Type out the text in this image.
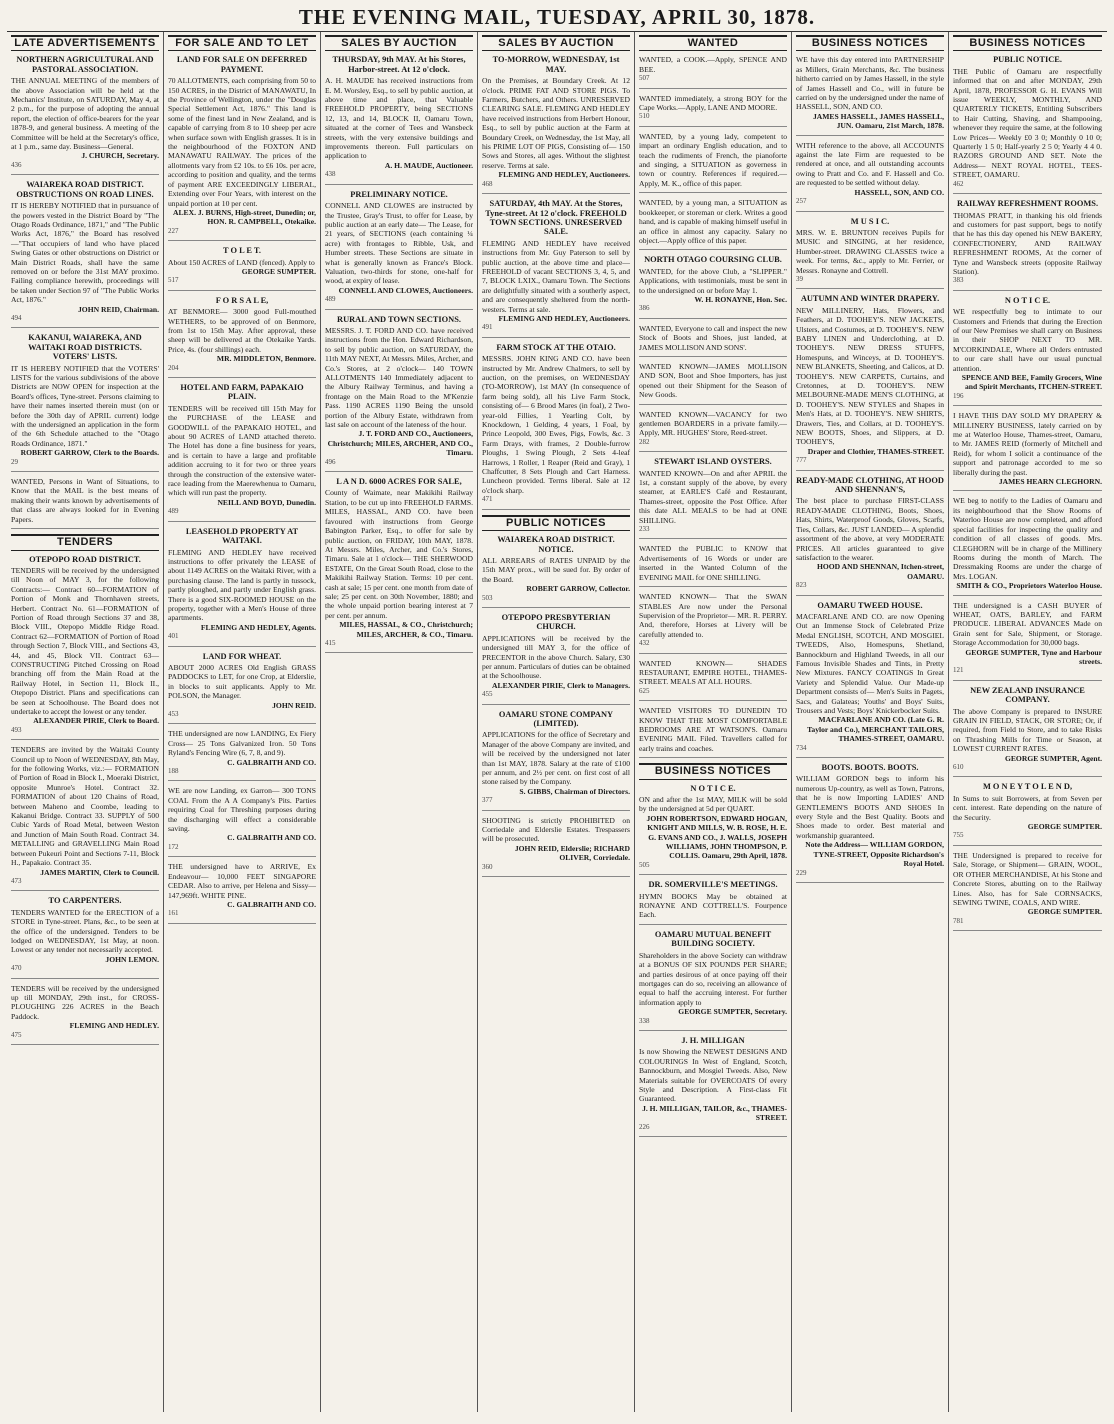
THE EVENING MAIL, TUESDAY, APRIL 30, 1878.
LATE ADVERTISEMENTS
NORTHERN AGRICULTURAL AND PASTORAL ASSOCIATION.
THE ANNUAL MEETING of the members of the above Association will be held at the Mechanics' Institute, on SATURDAY, May 4, at 2 p.m., for the purpose of adopting the annual report, the election of office-bearers for the year 1878-9, and general business. A meeting of the Committee will be held at the Secretary's office, at 1 p.m., same day. Business—General.
J. CHURCH, Secretary.
436
WAIAREKA ROAD DISTRICT. OBSTRUCTIONS ON ROAD LINES.
IT IS HEREBY NOTIFIED that in pursuance of the powers vested in the District Board by "The Otago Roads Ordinance, 1871," and "The Public Works Act, 1876," the Board has resolved—"That occupiers of land who have placed Swing Gates or other obstructions on District or Main District Roads, shall have the same removed on or before the 31st MAY proximo. Failing compliance herewith, proceedings will be taken under Section 97 of "The Public Works Act, 1876."
JOHN REID, Chairman.
494
KAKANUI, WAIAREKA, AND WAITAKI ROAD DISTRICTS. VOTERS' LISTS.
IT IS HEREBY NOTIFIED that the VOTERS' LISTS for the various subdivisions of the above Districts are NOW OPEN for inspection at the Board's offices, Tyne-street. Persons claiming to have their names inserted therein must (on or before the 30th day of APRIL current) lodge with the undersigned an application in the form of the 6th Schedule attached to the "Otago Roads Ordinance, 1871."
ROBERT GARROW, Clerk to the Boards.
29
WANTED, Persons in Want of Situations, to Know that the MAIL is the best means of making their wants known by advertisements of that class are always looked for in Evening Papers.
TENDERS
OTEPOPO ROAD DISTRICT.
TENDERS will be received by the undersigned till Noon of MAY 3, for the following Contracts:— Contract 60—FORMATION of Portion of Monk and Thornhaven streets, Herbert. Contract No. 61—FORMATION of Portion of Road through Sections 37 and 38, Block VIII., Otepopo Middle Ridge Road. Contract 62—FORMATION of Portion of Road through Section 7, Block VIII., and Sections 43, 44, and 45, Block VII. Contract 63—CONSTRUCTING Pitched Crossing on Road branching off from the Main Road at the Railway Hotel, in Section 11, Block II., Otepopo District. Plans and specifications can be seen at Schoolhouse. The Board does not undertake to accept the lowest or any tender.
ALEXANDER PIRIE, Clerk to Board.
493
TENDERS are invited by the Waitaki County Council up to Noon of WEDNESDAY, 8th May, for the following Works, viz.:— FORMATION of Portion of Road in Block I., Moeraki District, opposite Munroe's Hotel. Contract 32. FORMATION of about 120 Chains of Road, between Maheno and Coombe, leading to Kakanui Bridge. Contract 33. SUPPLY of 500 Cubic Yards of Road Metal, between Weston and Junction of Main South Road. Contract 34. METALLING and GRAVELLING Main Road between Pukeuri Point and Sections 7-11, Block H., Papakaio. Contract 35.
JAMES MARTIN, Clerk to Council.
473
TO CARPENTERS.
TENDERS WANTED for the ERECTION of a STORE in Tyne-street. Plans, &c., to be seen at the office of the undersigned. Tenders to be lodged on WEDNESDAY, 1st May, at noon. Lowest or any tender not necessarily accepted.
JOHN LEMON.
470
TENDERS will be received by the undersigned up till MONDAY, 29th inst., for CROSS-PLOUGHING 226 ACRES in the Beach Paddock.
FLEMING AND HEDLEY.
475
FOR SALE AND TO LET
LAND FOR SALE ON DEFERRED PAYMENT.
70 ALLOTMENTS, each comprising from 50 to 150 ACRES, in the District of MANAWATU, In the Province of Wellington, under the "Douglas Special Settlement Act, 1876." This land is some of the finest land in New Zealand, and is capable of carrying from 8 to 10 sheep per acre when surface sown with English grasses. It is in the neighbourhood of the FOXTON AND MANAWATU RAILWAY. The prices of the allotments vary from £2 10s. to £6 10s. per acre, according to position and quality, and the terms of payment ARE EXCEEDINGLY LIBERAL, Extending over Four Years, with interest on the unpaid portion at 10 per cent.
ALEX. J. BURNS, High-street, Dunedin; or, HON. R. CAMPBELL, Otekaike.
227
T O L E T.
About 150 ACRES of LAND (fenced). Apply to
GEORGE SUMPTER.
517
F O R S A L E,
AT BENMORE— 3000 good Full-mouthed WETHERS, to be approved of on Benmore, from 1st to 15th May. After approval, these sheep will be delivered at the Otekaike Yards. Price, 4s. (four shillings) each.
MR. MIDDLETON, Benmore.
204
HOTEL AND FARM, PAPAKAIO PLAIN.
TENDERS will be received till 15th May for the PURCHASE of the LEASE and GOODWILL of the PAPAKAIO HOTEL, and about 90 ACRES of LAND attached thereto. The Hotel has done a fine business for years, and is certain to have a large and profitable addition accruing to it for two or three years through the construction of the extensive water-race leading from the Maerewhenua to Oamaru, which will run past the property.
NEILL AND BOYD, Dunedin.
489
LEASEHOLD PROPERTY AT WAITAKI.
FLEMING AND HEDLEY have received instructions to offer privately the LEASE of about 1149 ACRES on the Waitaki River, with a purchasing clause. The land is partly in tussock, partly ploughed, and partly under English grass. There is a good SIX-ROOMED HOUSE on the property, together with a Men's House of three apartments.
FLEMING AND HEDLEY, Agents.
401
LAND FOR WHEAT.
ABOUT 2000 ACRES Old English GRASS PADDOCKS to LET, for one Crop, at Elderslie, in blocks to suit applicants. Apply to Mr. POLSON, the Manager.
JOHN REID.
453
THE undersigned are now LANDING, Ex Fiery Cross— 25 Tons Galvanized Iron. 50 Tons Ryland's Fencing Wire (6, 7, 8, and 9).
C. GALBRAITH AND CO.
188
WE are now Landing, ex Garron— 300 TONS COAL From the A A Company's Pits. Parties requiring Coal for Threshing purposes during the discharging will effect a considerable saving.
C. GALBRAITH AND CO.
172
THE undersigned have to ARRIVE, Ex Endeavour— 10,000 FEET SINGAPORE CEDAR. Also to arrive, per Helena and Sissy— 147,969ft. WHITE PINE.
C. GALBRAITH AND CO.
161
SALES BY AUCTION
THURSDAY, 9th MAY. At his Stores, Harbor-street. At 12 o'clock.
A. H. MAUDE has received instructions from E. M. Worsley, Esq., to sell by public auction, at above time and place, that Valuable FREEHOLD PROPERTY, being SECTIONS 12, 13, and 14, BLOCK II, Oamaru Town, situated at the corner of Tees and Wansbeck streets, with the very extensive buildings and improvements thereon. Full particulars on application to
A. H. MAUDE, Auctioneer.
438
PRELIMINARY NOTICE.
CONNELL AND CLOWES are instructed by the Trustee, Gray's Trust, to offer for Lease, by public auction at an early date— The Lease, for 21 years, of SECTIONS (each containing ¼ acre) with frontages to Ribble, Usk, and Humber streets. These Sections are situate in what is generally known as France's Block. Valuation, two-thirds for stone, one-half for wood, at expiry of lease.
CONNELL AND CLOWES, Auctioneers.
489
RURAL AND TOWN SECTIONS.
MESSRS. J. T. FORD AND CO. have received instructions from the Hon. Edward Richardson, to sell by public auction, on SATURDAY, the 11th MAY NEXT, At Messrs. Miles, Archer, and Co.'s Stores, at 2 o'clock— 140 TOWN ALLOTMENTS 140 Immediately adjacent to the Albury Railway Terminus, and having a frontage on the Main Road to the M'Kenzie Pass. 1190 ACRES 1190 Being the unsold portion of the Albury Estate, withdrawn from last sale on account of the lateness of the hour.
J. T. FORD AND CO., Auctioneers, Christchurch; MILES, ARCHER, AND CO., Timaru.
496
L A N D. 6000 ACRES FOR SALE,
County of Waimate, near Makikihi Railway Station, to be cut up into FREEHOLD FARMS. MILES, HASSAL, AND CO. have been favoured with instructions from George Babington Parker, Esq., to offer for sale by public auction, on FRIDAY, 10th MAY, 1878. At Messrs. Miles, Archer, and Co.'s Stores, Timaru. Sale at 1 o'clock— THE SHERWOOD ESTATE, On the Great South Road, close to the Makikihi Railway Station. Terms: 10 per cent. cash at sale; 15 per cent. one month from date of sale; 25 per cent. on 30th November, 1880; and the whole unpaid portion bearing interest at 7 per cent. per annum.
MILES, HASSAL, & CO., Christchurch; MILES, ARCHER, & CO., Timaru.
415
SALES BY AUCTION
TO-MORROW, WEDNESDAY, 1st MAY.
On the Premises, at Boundary Creek. At 12 o'clock. PRIME FAT AND STORE PIGS. To Farmers, Butchers, and Others. UNRESERVED CLEARING SALE. FLEMING AND HEDLEY have received instructions from Herbert Honour, Esq., to sell by public auction at the Farm at Boundary Creek, on Wednesday, the 1st May, all his PRIME LOT OF PIGS, Consisting of— 150 Sows and Stores, all ages. Without the slightest reserve. Terms at sale.
FLEMING AND HEDLEY, Auctioneers.
468
SATURDAY, 4th MAY. At the Stores, Tyne-street. At 12 o'clock. FREEHOLD TOWN SECTIONS. UNRESERVED SALE.
FLEMING AND HEDLEY have received instructions from Mr. Guy Paterson to sell by public auction, at the above time and place— FREEHOLD of vacant SECTIONS 3, 4, 5, and 7, BLOCK LXIX., Oamaru Town. The Sections are delightfully situated with a southerly aspect, and are consequently sheltered from the north-westers. Terms at sale.
FLEMING AND HEDLEY, Auctioneers.
491
FARM STOCK AT THE OTAIO.
MESSRS. JOHN KING AND CO. have been instructed by Mr. Andrew Chalmers, to sell by auction, on the premises, on WEDNESDAY (TO-MORROW), 1st MAY (In consequence of farm being sold), all his Live Farm Stock, consisting of— 6 Brood Mares (in foal), 2 Two-year-old Fillies, 1 Yearling Colt, by Knockdown, 1 Gelding, 4 years, 1 Foal, by Prince Leopold, 300 Ewes, Pigs, Fowls, &c. 3 Farm Drays, with frames, 2 Double-furrow Ploughs, 1 Swing Plough, 2 Sets 4-leaf Harrows, 1 Roller, 1 Reaper (Reid and Gray), 1 Chaffcutter, 8 Sets Plough and Cart Harness. Luncheon provided. Terms liberal. Sale at 12 o'clock sharp.
471
PUBLIC NOTICES
WAIAREKA ROAD DISTRICT. NOTICE.
ALL ARREARS of RATES UNPAID by the 15th MAY prox., will be sued for. By order of the Board.
ROBERT GARROW, Collector.
503
OTEPOPO PRESBYTERIAN CHURCH.
APPLICATIONS will be received by the undersigned till MAY 3, for the office of PRECENTOR in the above Church. Salary, £30 per annum. Particulars of duties can be obtained at the Schoolhouse.
ALEXANDER PIRIE, Clerk to Managers.
455
OAMARU STONE COMPANY (LIMITED).
APPLICATIONS for the office of Secretary and Manager of the above Company are invited, and will be received by the undersigned not later than 1st MAY, 1878. Salary at the rate of £100 per annum, and 2½ per cent. on first cost of all stone raised by the Company.
S. GIBBS, Chairman of Directors.
377
SHOOTING is strictly PROHIBITED on Corriedale and Elderslie Estates. Trespassers will be prosecuted.
JOHN REID, Elderslie; RICHARD OLIVER, Corriedale.
360
WANTED
WANTED, a COOK.—Apply, SPENCE AND BEE.
507
WANTED immediately, a strong BOY for the Cape Works.—Apply, LANE AND MOORE.
510
WANTED, by a young lady, competent to impart an ordinary English education, and to teach the rudiments of French, the pianoforte and singing, a SITUATION as governess in town or country. References if required.—Apply, M. K., office of this paper.
WANTED, by a young man, a SITUATION as bookkeeper, or storeman or clerk. Writes a good hand, and is capable of making himself useful in an office in almost any capacity. Salary no object.—Apply office of this paper.
NORTH OTAGO COURSING CLUB.
WANTED, for the above Club, a "SLIPPER." Applications, with testimonials, must be sent in to the undersigned on or before May 1.
W. H. RONAYNE, Hon. Sec.
386
WANTED, Everyone to call and inspect the new Stock of Boots and Shoes, just landed, at JAMES MOLLISON AND SONS'.
WANTED KNOWN—JAMES MOLLISON AND SON, Boot and Shoe Importers, has just opened out their Shipment for the Season of New Goods.
WANTED KNOWN—VACANCY for two gentlemen BOARDERS in a private family.—Apply, MR. HUGHES' Store, Reed-street.
282
STEWART ISLAND OYSTERS.
WANTED KNOWN—On and after APRIL the 1st, a constant supply of the above, by every steamer, at EARLE'S Café and Restaurant, Thames-street, opposite the Post Office. After this date ALL MEALS to be had at ONE SHILLING.
233
WANTED the PUBLIC to KNOW that Advertisements of 16 Words or under are inserted in the Wanted Column of the EVENING MAIL for ONE SHILLING.
WANTED KNOWN— That the SWAN STABLES Are now under the Personal Supervision of the Proprietor— MR. R. PERRY. And, therefore, Horses at Livery will be carefully attended to.
432
WANTED KNOWN— SHADES RESTAURANT, EMPIRE HOTEL, THAMES-STREET. MEALS AT ALL HOURS.
625
WANTED VISITORS TO DUNEDIN TO KNOW THAT THE MOST COMFORTABLE BEDROOMS ARE AT WATSON'S. Oamaru EVENING MAIL Filed. Travellers called for early trains and coaches.
BUSINESS NOTICES
N O T I C E.
ON and after the 1st MAY, MILK will be sold by the undersigned at 5d per QUART.
JOHN ROBERTSON, EDWARD HOGAN, KNIGHT AND MILLS, W. B. ROSE, H. E. G. EVANS AND CO., J. WALLS, JOSEPH WILLIAMS, JOHN THOMPSON, P. COLLIS. Oamaru, 29th April, 1878.
505
DR. SOMERVILLE'S MEETINGS.
HYMN BOOKS May be obtained at RONAYNE AND COTTRELL'S. Fourpence Each.
OAMARU MUTUAL BENEFIT BUILDING SOCIETY.
Shareholders in the above Society can withdraw at a BONUS OF SIX POUNDS PER SHARE; and parties desirous of at once paying off their mortgages can do so, receiving an allowance of equal to half the accruing interest. For further information apply to
GEORGE SUMPTER, Secretary.
338
J. H. MILLIGAN
Is now Showing the NEWEST DESIGNS AND COLOURINGS In West of England, Scotch, Bannockburn, and Mosgiel Tweeds. Also, New Materials suitable for OVERCOATS Of every Style and Description. A First-class Fit Guaranteed.
J. H. MILLIGAN, TAILOR, &c., THAMES-STREET.
226
BUSINESS NOTICES
WE have this day entered into PARTNERSHIP as Millers, Grain Merchants, &c. The business hitherto carried on by James Hassell, in the style of James Hassell and Co., will in future be carried on by the undersigned under the name of HASSELL, SON, AND CO.
JAMES HASSELL, JAMES HASSELL, JUN. Oamaru, 21st March, 1878.
WITH reference to the above, all ACCOUNTS against the late Firm are requested to be rendered at once, and all outstanding accounts owing to Pratt and Co. and F. Hassell and Co. are requested to be settled without delay.
HASSELL, SON, AND CO.
257
M U S I C.
MRS. W. E. BRUNTON receives Pupils for MUSIC and SINGING, at her residence, Humber-street. DRAWING CLASSES twice a week. For terms, &c., apply to Mr. Ferrier, or Messrs. Ronayne and Cottrell.
39
AUTUMN AND WINTER DRAPERY.
NEW MILLINERY, Hats, Flowers, and Feathers, at D. TOOHEY'S. NEW JACKETS, Ulsters, and Costumes, at D. TOOHEY'S. NEW BABY LINEN and Underclothing, at D. TOOHEY'S. NEW DRESS STUFFS, Homespuns, and Winceys, at D. TOOHEY'S. NEW BLANKETS, Sheeting, and Calicos, at D. TOOHEY'S. NEW CARPETS, Curtains, and Cretonnes, at D. TOOHEY'S. NEW MELBOURNE-MADE MEN'S CLOTHING, at D. TOOHEY'S. NEW STYLES and Shapes in Men's Hats, at D. TOOHEY'S. NEW SHIRTS, Drawers, Ties, and Collars, at D. TOOHEY'S. NEW BOOTS, Shoes, and Slippers, at D. TOOHEY'S,
Draper and Clothier, THAMES-STREET.
777
READY-MADE CLOTHING, AT HOOD AND SHENNAN'S,
The best place to purchase FIRST-CLASS READY-MADE CLOTHING, Boots, Shoes, Hats, Shirts, Waterproof Goods, Gloves, Scarfs, Ties, Collars, &c. JUST LANDED— A splendid assortment of the above, at very MODERATE PRICES. All articles guaranteed to give satisfaction to the wearer.
HOOD AND SHENNAN, Itchen-street, OAMARU.
823
OAMARU TWEED HOUSE.
MACFARLANE AND CO. are now Opening Out an Immense Stock of Celebrated Prize Medal ENGLISH, SCOTCH, AND MOSGIEL TWEEDS, Also, Homespuns, Shetland, Bannockburn and Highland Tweeds, in all our Famous Invisible Shades and Tints, in Pretty New Mixtures. FANCY COATINGS In Great Variety and Splendid Value. Our Made-up Department consists of— Men's Suits in Pagets, Sacs, and Galateas; Youths' and Boys' Suits, Trousers and Vests; Boys' Knickerbocker Suits.
MACFARLANE AND CO. (Late G. R. Taylor and Co.), MERCHANT TAILORS, THAMES-STREET, OAMARU.
734
BOOTS. BOOTS. BOOTS.
WILLIAM GORDON begs to inform his numerous Up-country, as well as Town, Patrons, that he is now Importing LADIES' AND GENTLEMEN'S BOOTS AND SHOES In every Style and the Best Quality. Boots and Shoes made to order. Best material and workmanship guaranteed.
Note the Address— WILLIAM GORDON, TYNE-STREET, Opposite Richardson's Royal Hotel.
229
BUSINESS NOTICES
PUBLIC NOTICE.
THE Public of Oamaru are respectfully informed that on and after MONDAY, 29th April, 1878, PROFESSOR G. H. EVANS Will issue WEEKLY, MONTHLY, AND QUARTERLY TICKETS, Entitling Subscribers to Hair Cutting, Shaving, and Shampooing, whenever they require the same, at the following Low Prices— Weekly £0 3 0; Monthly 0 10 0; Quarterly 1 5 0; Half-yearly 2 5 0; Yearly 4 4 0. RAZORS GROUND AND SET. Note the Address— NEXT ROYAL HOTEL, TEES-STREET, OAMARU.
462
RAILWAY REFRESHMENT ROOMS.
THOMAS PRATT, in thanking his old friends and customers for past support, begs to notify that he has this day opened his NEW BAKERY, CONFECTIONERY, AND RAILWAY REFRESHMENT ROOMS, At the corner of Tyne and Wansbeck streets (opposite Railway Station).
383
N O T I C E.
WE respectfully beg to intimate to our Customers and Friends that during the Erection of our New Premises we shall carry on Business in their SHOP NEXT TO MR. M'CORKINDALE, Where all Orders entrusted to our care shall have our usual punctual attention.
SPENCE AND BEE, Family Grocers, Wine and Spirit Merchants, ITCHEN-STREET.
196
I HAVE THIS DAY SOLD MY DRAPERY & MILLINERY BUSINESS, lately carried on by me at Waterloo House, Thames-street, Oamaru, to Mr. JAMES REID (formerly of Mitchell and Reid), for whom I solicit a continuance of the support and patronage accorded to me so liberally during the past.
JAMES HEARN CLEGHORN.
WE beg to notify to the Ladies of Oamaru and its neighbourhood that the Show Rooms of Waterloo House are now completed, and afford special facilities for inspecting the quality and condition of all classes of goods. Mrs. CLEGHORN will be in charge of the Millinery Rooms during the month of March. The Dressmaking Rooms are under the charge of Mrs. LOGAN.
SMITH & CO., Proprietors Waterloo House.
THE undersigned is a CASH BUYER of WHEAT, OATS, BARLEY, and FARM PRODUCE. LIBERAL ADVANCES Made on Grain sent for Sale, Shipment, or Storage. Storage Accommodation for 30,000 bags.
GEORGE SUMPTER, Tyne and Harbour streets.
121
NEW ZEALAND INSURANCE COMPANY.
The above Company is prepared to INSURE GRAIN IN FIELD, STACK, OR STORE; Or, if required, from Field to Store, and to take Risks on Thrashing Mills for Time or Season, at LOWEST CURRENT RATES.
GEORGE SUMPTER, Agent.
610
M O N E Y T O L E N D,
In Sums to suit Borrowers, at from Seven per cent. interest. Rate depending on the nature of the Security.
GEORGE SUMPTER.
755
THE Undersigned is prepared to receive for Sale, Storage, or Shipment— GRAIN, WOOL, OR OTHER MERCHANDISE, At his Stone and Concrete Stores, abutting on to the Railway Lines. Also, has for Sale CORNSACKS, SEWING TWINE, COALS, AND WIRE.
GEORGE SUMPTER.
781
